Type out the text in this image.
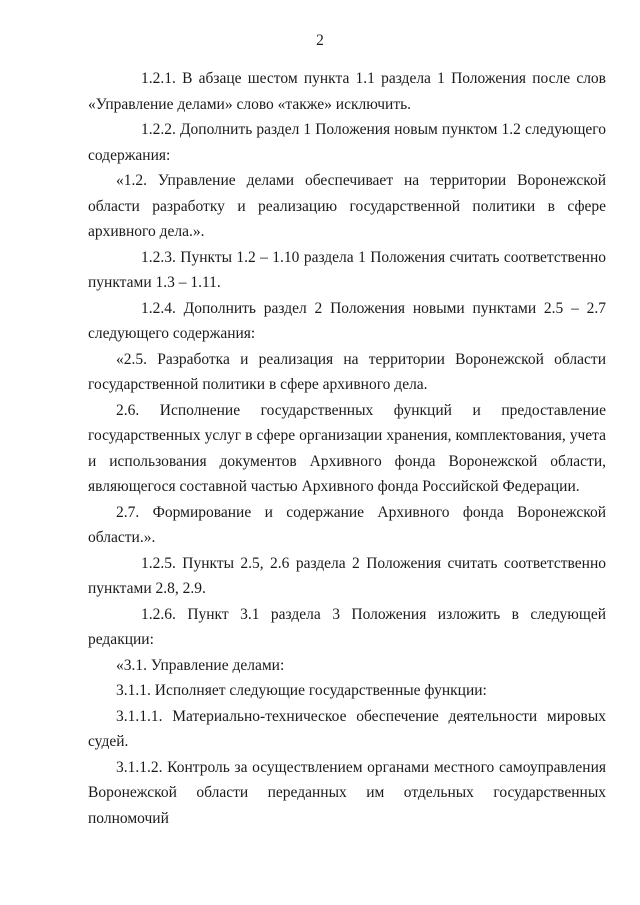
2

1.2.1. В абзаце шестом пункта 1.1 раздела 1 Положения после слов «Управление делами» слово «также» исключить.

1.2.2. Дополнить раздел 1 Положения новым пунктом 1.2 следующего содержания:

«1.2. Управление делами обеспечивает на территории Воронежской области разработку и реализацию государственной политики в сфере архивного дела.».

1.2.3. Пункты 1.2 – 1.10 раздела 1 Положения считать соответственно пунктами 1.3 – 1.11.

1.2.4. Дополнить раздел 2 Положения новыми пунктами 2.5 – 2.7 следующего содержания:

«2.5. Разработка и реализация на территории Воронежской области государственной политики в сфере архивного дела.

2.6. Исполнение государственных функций и предоставление государственных услуг в сфере организации хранения, комплектования, учета и использования документов Архивного фонда Воронежской области, являющегося составной частью Архивного фонда Российской Федерации.

2.7. Формирование и содержание Архивного фонда Воронежской области.».

1.2.5. Пункты 2.5, 2.6 раздела 2 Положения считать соответственно пунктами 2.8, 2.9.

1.2.6. Пункт 3.1 раздела 3 Положения изложить в следующей редакции:

«3.1. Управление делами:

3.1.1. Исполняет следующие государственные функции:

3.1.1.1. Материально-техническое обеспечение деятельности мировых судей.

3.1.1.2. Контроль за осуществлением органами местного самоуправления Воронежской области переданных им отдельных государственных полномочий
